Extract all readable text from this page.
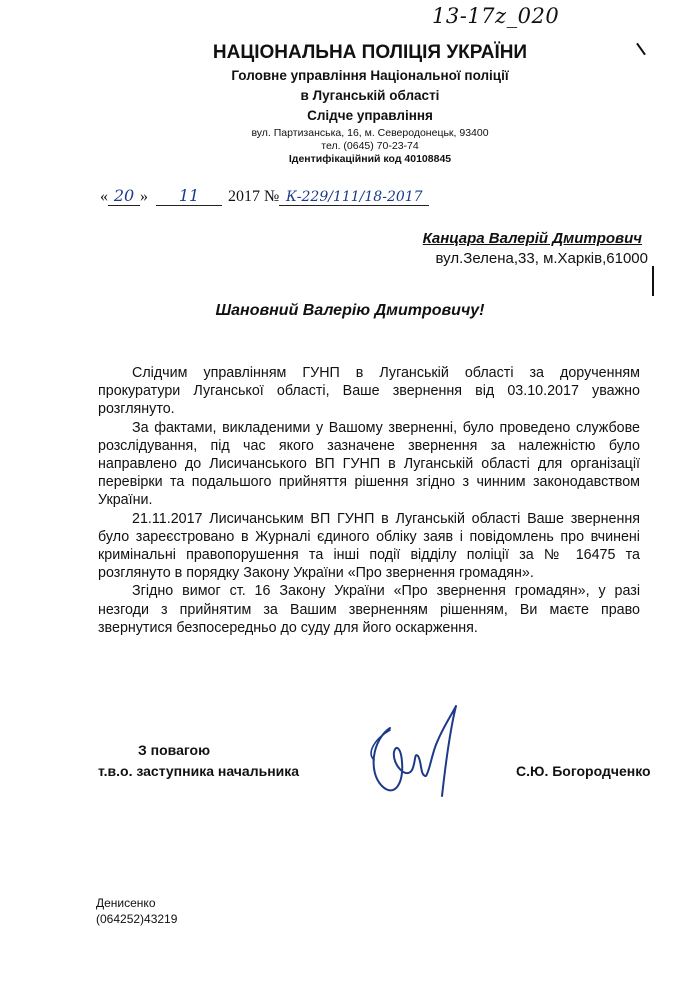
13-17z_020
НАЦІОНАЛЬНА ПОЛІЦІЯ УКРАЇНИ
Головне управління Національної поліції
в Луганській області
Слідче управління
вул. Партизанська, 16, м. Северодонецьк, 93400
тел. (0645) 70-23-74
Ідентифікаційний код 40108845
« 20 » 11 2017 № К-229/111/18-2017
Канцара Валерій Дмитрович
вул.Зелена,33, м.Харків,61000
Шановний Валерію Дмитровичу!

Слідчим управлінням ГУНП в Луганській області за дорученням прокуратури Луганської області, Ваше звернення від 03.10.2017 уважно розглянуто.

За фактами, викладеними у Вашому зверненні, було проведено службове розслідування, під час якого зазначене звернення за належністю було направлено до Лисичанського ВП ГУНП в Луганській області для організації перевірки та подальшого прийняття рішення згідно з чинним законодавством України.

21.11.2017 Лисичанським ВП ГУНП в Луганській області Ваше звернення було зареєстровано в Журналі єдиного обліку заяв і повідомлень про вчинені кримінальні правопорушення та інші події відділу поліції за № 16475 та розглянуто в порядку Закону України «Про звернення громадян».

Згідно вимог ст. 16 Закону України «Про звернення громадян», у разі незгоди з прийнятим за Вашим зверненням рішенням, Ви маєте право звернутися безпосередньо до суду для його оскарження.

З повагою
т.в.о. заступника начальника	С.Ю. Богородченко
Денисенко
(064252)43219
